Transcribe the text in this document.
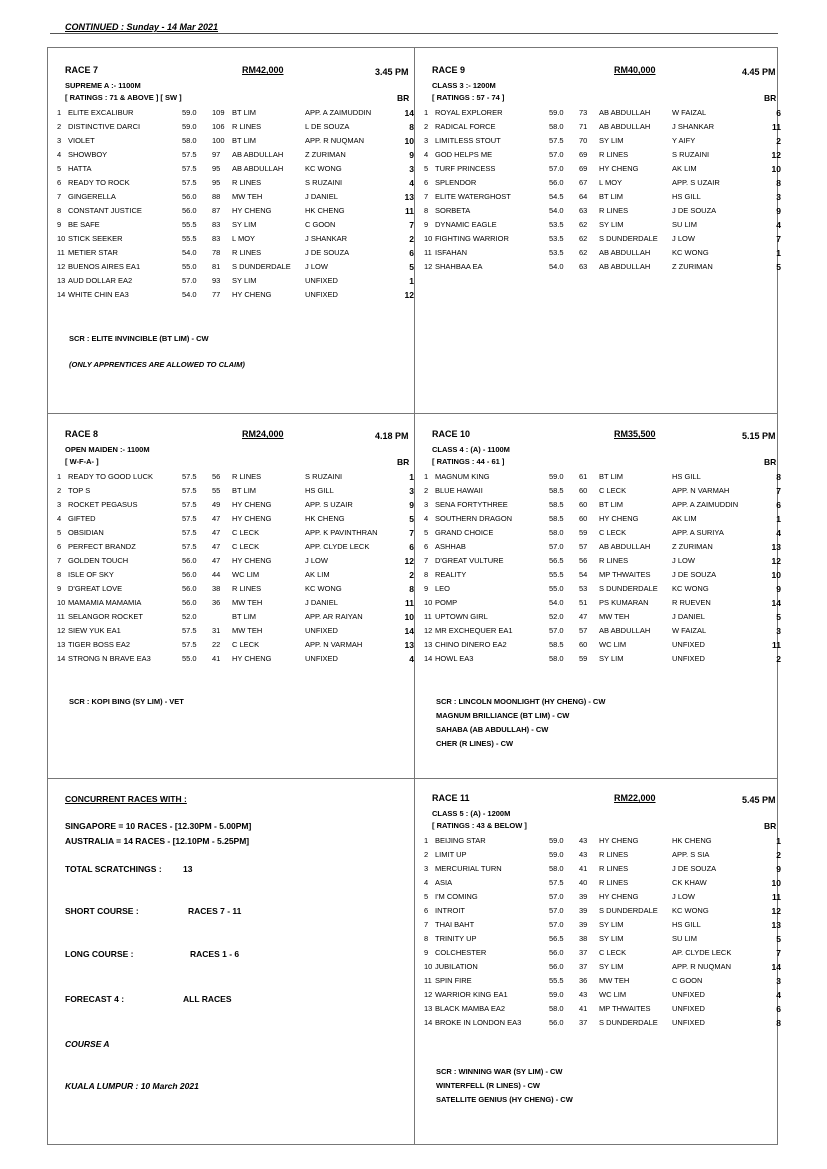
CONTINUED : Sunday - 14 Mar 2021
RACE 7	RM42,000	3.45 PM
SUPREME A :- 1100M
[ RATINGS : 71 & ABOVE ] [ SW ]	BR
1 ELITE EXCALIBUR	59.0 109 BT LIM	APP. A ZAIMUDDIN	14
2 DISTINCTIVE DARCI	59.0 106 R LINES	L DE SOUZA	8
3 VIOLET	58.0 100 BT LIM	APP. R NUQMAN	10
4 SHOWBOY	57.5 97 AB ABDULLAH	Z ZURIMAN	9
5 HATTA	57.5 95 AB ABDULLAH	KC WONG	3
6 READY TO ROCK	57.5 95 R LINES	S RUZAINI	4
7 GINGERELLA	56.0 88 MW TEH	J DANIEL	13
8 CONSTANT JUSTICE	56.0 87 HY CHENG	HK CHENG	11
9 BE SAFE	55.5 83 SY LIM	C GOON	7
10 STICK SEEKER	55.5 83 L MOY	J SHANKAR	2
11 METIER STAR	54.0 78 R LINES	J DE SOUZA	6
12 BUENOS AIRES EA1	55.0 81 S DUNDERDALE J LOW	5
13 AUD DOLLAR EA2	57.0 93 SY LIM	UNFIXED	1
14 WHITE CHIN EA3	54.0 77 HY CHENG	UNFIXED	12
SCR : ELITE INVINCIBLE (BT LIM) - CW
(ONLY APPRENTICES ARE ALLOWED TO CLAIM)
RACE 9	RM40,000	4.45 PM
CLASS 3 :- 1200M
[ RATINGS : 57 - 74 ]	BR
1 ROYAL EXPLORER	59.0 73 AB ABDULLAH	W FAIZAL	6
2 RADICAL FORCE	58.0 71 AB ABDULLAH	J SHANKAR	11
3 LIMITLESS STOUT	57.5 70 SY LIM	Y AIFY	2
4 GOD HELPS ME	57.0 69 R LINES	S RUZAINI	12
5 TURF PRINCESS	57.0 69 HY CHENG	AK LIM	10
6 SPLENDOR	56.0 67 L MOY	APP. S UZAIR	8
7 ELITE WATERGHOST	54.5 64 BT LIM	HS GILL	3
8 SORBETA	54.0 63 R LINES	J DE SOUZA	9
9 DYNAMIC EAGLE	53.5 62 SY LIM	SU LIM	4
10 FIGHTING WARRIOR	53.5 62 S DUNDERDALE J LOW	7
11 ISFAHAN	53.5 62 AB ABDULLAH	KC WONG	1
12 SHAHBAA EA	54.0 63 AB ABDULLAH	Z ZURIMAN	5
RACE 8	RM24,000	4.18 PM
OPEN MAIDEN :- 1100M
[ W-F-A- ]	BR
1 READY TO GOOD LUCK	57.5 56 R LINES	S RUZAINI	1
2 TOP S	57.5 55 BT LIM	HS GILL	3
3 ROCKET PEGASUS	57.5 49 HY CHENG	APP. S UZAIR	9
4 GIFTED	57.5 47 HY CHENG	HK CHENG	5
5 OBSIDIAN	57.5 47 C LECK	APP. K PAVINTHRAN	7
6 PERFECT BRANDZ	57.5 47 C LECK	APP. CLYDE LECK	6
7 GOLDEN TOUCH	56.0 47 HY CHENG	J LOW	12
8 ISLE OF SKY	56.0 44 WC LIM	AK LIM	2
9 D'GREAT LOVE	56.0 38 R LINES	KC WONG	8
10 MAMAMIA MAMAMIA	56.0 36 MW TEH	J DANIEL	11
11 SELANGOR ROCKET	52.0	BT LIM	APP. AR RAIYAN	10
12 SIEW YUK EA1	57.5 31 MW TEH	UNFIXED	14
13 TIGER BOSS EA2	57.5 22 C LECK	APP. N VARMAH	13
14 STRONG N BRAVE EA3	55.0 41 HY CHENG	UNFIXED	4
SCR : KOPI BING (SY LIM) - VET
RACE 10	RM35,500	5.15 PM
CLASS 4 : (A) - 1100M
[ RATINGS : 44 - 61 ]	BR
1 MAGNUM KING	59.0 61 BT LIM	HS GILL	8
2 BLUE HAWAII	58.5 60 C LECK	APP. N VARMAH	7
3 SENA FORTYTHREE	58.5 60 BT LIM	APP. A ZAIMUDDIN	6
4 SOUTHERN DRAGON	58.5 60 HY CHENG	AK LIM	1
5 GRAND CHOICE	58.0 59 C LECK	APP. A SURIYA	4
6 ASHHAB	57.0 57 AB ABDULLAH	Z ZURIMAN	13
7 D'GREAT VULTURE	56.5 56 R LINES	J LOW	12
8 REALITY	55.5 54 MP THWAITES	J DE SOUZA	10
9 LEO	55.0 53 S DUNDERDALE KC WONG	9
10 POMP	54.0 51 PS KUMARAN	R RUEVEN	14
11 UPTOWN GIRL	52.0 47 MW TEH	J DANIEL	5
12 MR EXCHEQUER EA1	57.0 57 AB ABDULLAH	W FAIZAL	3
13 CHINO DINERO EA2	58.5 60 WC LIM	UNFIXED	11
14 HOWL EA3	58.0 59 SY LIM	UNFIXED	2
SCR : LINCOLN MOONLIGHT (HY CHENG) - CW
MAGNUM BRILLIANCE (BT LIM) - CW
SAHABA (AB ABDULLAH) - CW
CHER (R LINES) - CW
RACE 11	RM22,000	5.45 PM
CLASS 5 : (A) - 1200M
[ RATINGS : 43 & BELOW ]	BR
1 BEIJING STAR	59.0 43 HY CHENG	HK CHENG	1
2 LIMIT UP	59.0 43 R LINES	APP. S SIA	2
3 MERCURIAL TURN	58.0 41 R LINES	J DE SOUZA	9
4 ASIA	57.5 40 R LINES	CK KHAW	10
5 I'M COMING	57.0 39 HY CHENG	J LOW	11
6 INTROIT	57.0 39 S DUNDERDALE KC WONG	12
7 THAI BAHT	57.0 39 SY LIM	HS GILL	13
8 TRINITY UP	56.5 38 SY LIM	SU LIM	5
9 COLCHESTER	56.0 37 C LECK	AP. CLYDE LECK	7
10 JUBILATION	56.0 37 SY LIM	APP. R NUQMAN	14
11 SPIN FIRE	55.5 36 MW TEH	C GOON	3
12 WARRIOR KING EA1	59.0 43 WC LIM	UNFIXED	4
13 BLACK MAMBA EA2	58.0 41 MP THWAITES	UNFIXED	6
14 BROKE IN LONDON EA3	56.0 37 S DUNDERDALE UNFIXED	8
SCR : WINNING WAR (SY LIM) - CW
WINTERFELL (R LINES) - CW
SATELLITE GENIUS (HY CHENG) - CW
CONCURRENT RACES WITH :
SINGAPORE = 10 RACES - [12.30PM - 5.00PM]
AUSTRALIA = 14 RACES - [12.10PM - 5.25PM]
TOTAL SCRATCHINGS :	13
SHORT COURSE :	RACES 7 - 11
LONG COURSE :	RACES 1 - 6
FORECAST 4 :	ALL RACES
COURSE A
KUALA LUMPUR : 10 March 2021
